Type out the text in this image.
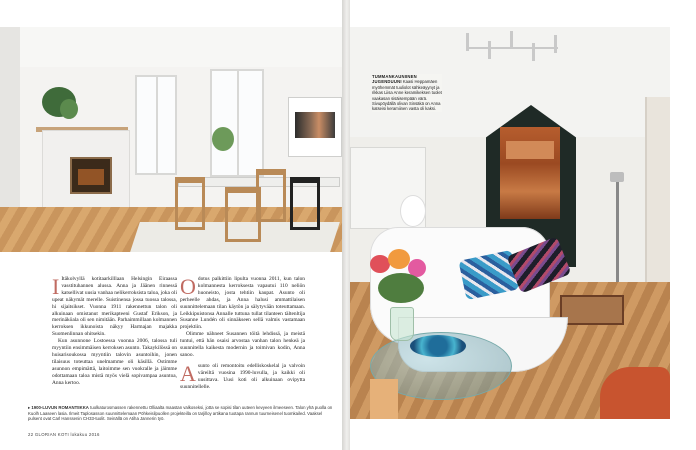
I Itäkolvyllä kotitaarkilllaan Helsingin Eiraassa vasstituhannen alussa. Anna ja Jäänen rinnessä katsellivat uusia vanhaa nelikerroksista taloa, joka oli upeat näkymät merelle. Suistinensa jossa tuossa talossa, hi sijaitsikset. Vuonna 1911 rakennettun talon oli alkuinaan omistanut merikapteeni Gustaf Erikson, ja merinäköala oli sen nimitään. Parhaimmillaan kolmannen kerroksen ikkunoista näkyy Harmajan majakka Suomenlinnan ohitsekin.

Kun asunnone Lostoessa vuonna 2006, talossa tuli myyntiin ensimmäisen kerroksen asunto. Takaykilössä on huisarisoukossa myyntiin talovin asuntoihin, jonen tilaisuus toteuttaa unelmamme oli käsillä. Ostimme asunnon empimättä, laitoimme sen vuokralle ja jäimme odottamaan taloa mistä myös vielä sopivampaa asuntoa, Anna kertoo.

Odotus palkittiin lipulta vuonna 2011, kun talon kolmannesta kerroksesta vapautui 110 neliön huoneisto, josta tehtiin kaupat. Asunto oli perheelle ahdas, ja Anna halusi ammattilaisen suunnittelemaan tilan käytön ja sälytyvään toteuttamaan. Leikkipuistonsa Annalle tuttuna tullat tilanteen tältenltija Susanne Lundén oli sinnäkseen sellä valmis vastamaan projektiin.

Olimme nähneet Susannen töitä lehdissä, ja meistä tuntui, että hän osaisi arvostaa vanhan talon henkeä ja suunnitella kaikesta modernin ja toimivan kodin, Anna sanoo.

Asunto oli remontoitu edelliskoskelal ja valvoin väreiltä vuosina 1990-luvulla, ja kaikki oli uusittava. Uusi koti oli alkuinaan ovipytta suunnitellelle.

▸ 1900-LUVUN ROMANTIIKKA tuolkaturosmassen rakennettu Olliaalta maastan valkoseksi, jotta se sopisi tilan uuteen kevyeen ilmeeseen. Talon yhä puolla on Kuolh Laaseen lasia. Ilmeit Taplosasson suunnittelemaan Pöhkeisilpuollen projekteilla on tarjilloy artikana tuotapa rannun tuurneisenel tuomkailed. Vaaksel pulsent ovat Carl Hanssenin CH33-tuolit. Seinällä on Atiha Jannerin työ.
22 GLORIAN KOTI lokakuu 2016
TUMMANKAUNIINEN JUGENDUUNI Kaasi Heppamäen myöhemmät tuuliolot sähkeäyynyt ja rikkas Liisa Anne keramikeksen tuolet vaakasan sisäisempään värä. Sivupöydällä olivan Sinsäkä on Anna katseisi keramiinen vasta oli kaksi.
